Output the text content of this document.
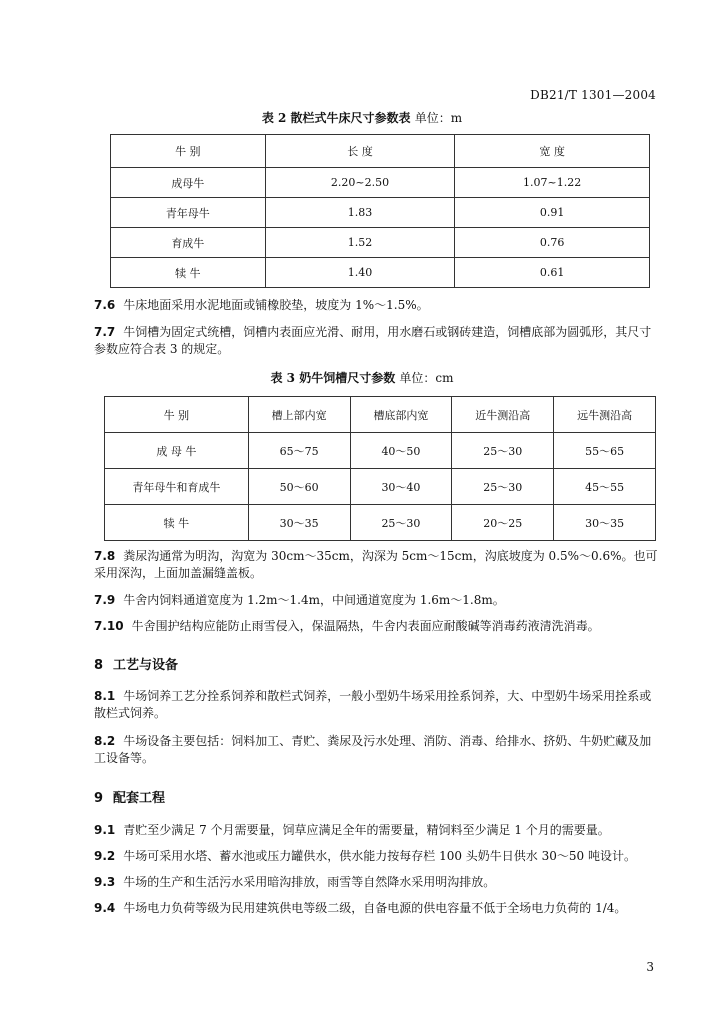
DB21/T 1301—2004
表 2 散栏式牛床尺寸参数表 单位：m
牛 别	长 度	宽 度
成母牛	2.20~2.50	1.07~1.22
青年母牛	1.83	0.91
育成牛	1.52	0.76
犊 牛	1.40	0.61
7.6 牛床地面采用水泥地面或铺橡胶垫，坡度为 1%～1.5%。
7.7 牛饲槽为固定式统槽，饲槽内表面应光滑、耐用，用水磨石或钢砖建造，饲槽底部为圆弧形，其尺寸参数应符合表 3 的规定。
表 3 奶牛饲槽尺寸参数 单位：cm
牛 别	槽上部内宽	槽底部内宽	近牛测沿高	远牛测沿高
成 母 牛	65～75	40～50	25～30	55～65
青年母牛和育成牛	50～60	30～40	25～30	45～55
犊 牛	30～35	25～30	20～25	30～35
7.8 粪尿沟通常为明沟，沟宽为 30cm～35cm，沟深为 5cm～15cm，沟底坡度为 0.5%～0.6%。也可采用深沟，上面加盖漏缝盖板。
7.9 牛舍内饲料通道宽度为 1.2m～1.4m，中间通道宽度为 1.6m～1.8m。
7.10 牛舍围护结构应能防止雨雪侵入，保温隔热，牛舍内表面应耐酸碱等消毒药液清洗消毒。
8 工艺与设备
8.1 牛场饲养工艺分拴系饲养和散栏式饲养，一般小型奶牛场采用拴系饲养，大、中型奶牛场采用拴系或散栏式饲养。
8.2 牛场设备主要包括：饲料加工、青贮、粪尿及污水处理、消防、消毒、给排水、挤奶、牛奶贮藏及加工设备等。
9 配套工程
9.1 青贮至少满足 7 个月需要量，饲草应满足全年的需要量，精饲料至少满足 1 个月的需要量。
9.2 牛场可采用水塔、蓄水池或压力罐供水，供水能力按每存栏 100 头奶牛日供水 30～50 吨设计。
9.3 牛场的生产和生活污水采用暗沟排放，雨雪等自然降水采用明沟排放。
9.4 牛场电力负荷等级为民用建筑供电等级二级，自备电源的供电容量不低于全场电力负荷的 1/4。
3
